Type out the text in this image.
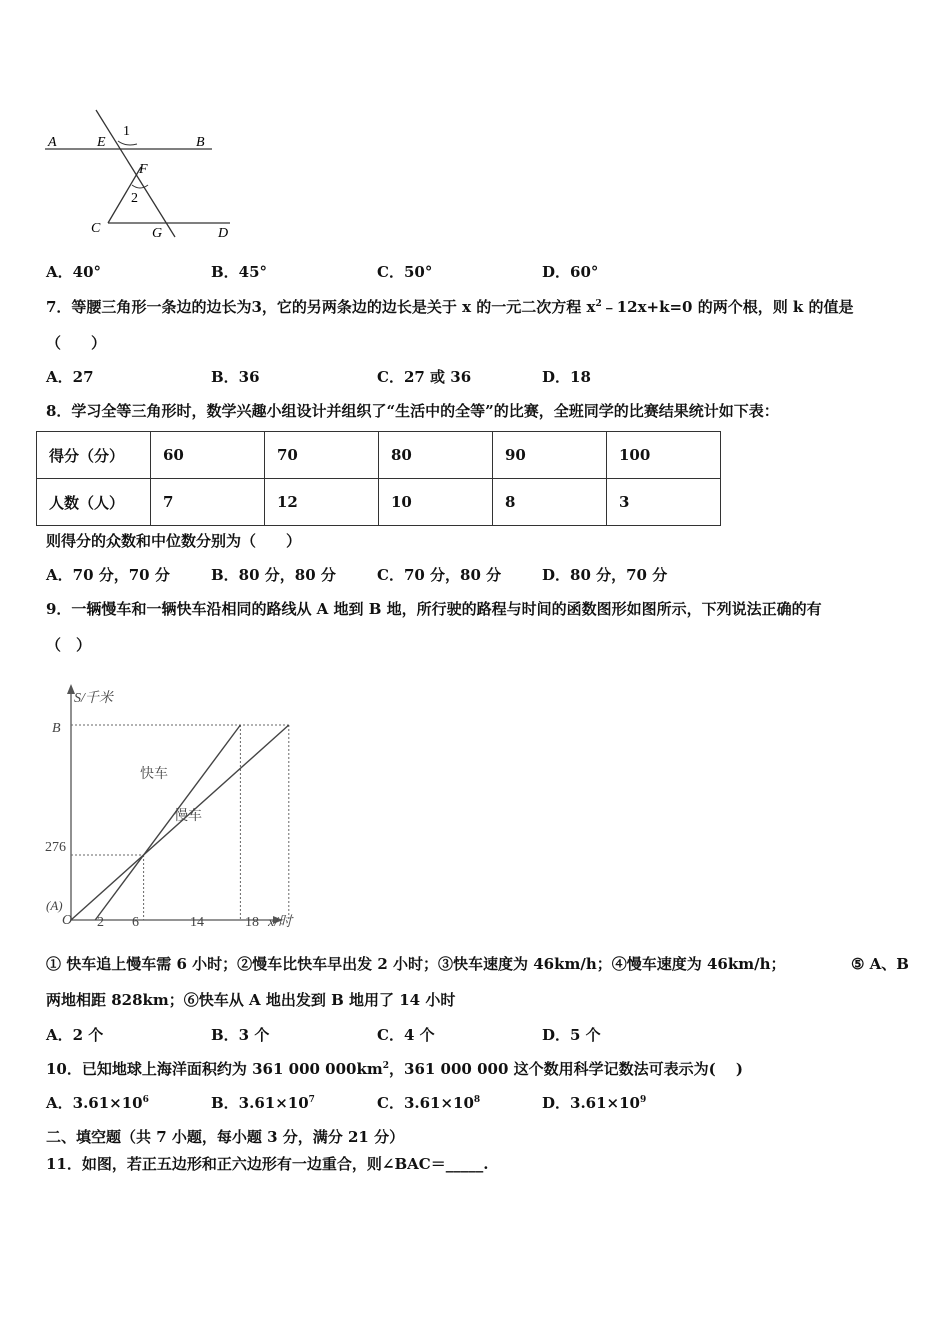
A	E
1
B
F
2
C	G	D
A．40°	B．45°	C．50°	D．60°
7．等腰三角形一条边的边长为3，它的另两条边的边长是关于 x 的一元二次方程 $x^2﹣12x+k=0$ 的两个根，则 k 的值是
（　　）
A．27	B．36	C．27 或 36	D．18
8．学习全等三角形时，数学兴趣小组设计并组织了“生活中的全等”的比赛，全班同学的比赛结果统计如下表：
得分（分）	60	70	80	90	100
人数（人）	7	12	10	8	3
则得分的众数和中位数分别为（　　）
A．70 分，70 分	B．80 分，80 分	C．70 分，80 分	D．80 分，70 分
9．一辆慢车和一辆快车沿相同的路线从 A 地到 B 地，所行驶的路程与时间的函数图形如图所示，下列说法正确的有
（　）
S/千米
x/时
B
276
(A)
O 2 6	14	18
快车
慢车
① 快车追上慢车需 6 小时；②慢车比快车早出发 2 小时；③快车速度为 46km/h；④慢车速度为 46km/h；	⑤ A、B
两地相距 828km；⑥快车从 A 地出发到 B 地用了 14 小时
A．2 个	B．3 个	C．4 个	D．5 个
10．已知地球上海洋面积约为 361 000 $000km^2$，361 000 000 这个数用科学记数法可表示为(　 )
A．$3.61\times 10^6$	B．$3.61\times 10^7$	C．$3.61\times 10^8$	D．$3.61\times 10^9$
二、填空题（共 7 小题，每小题 3 分，满分 21 分）
11．如图，若正五边形和正六边形有一边重合，则∠BAC＝_____.
